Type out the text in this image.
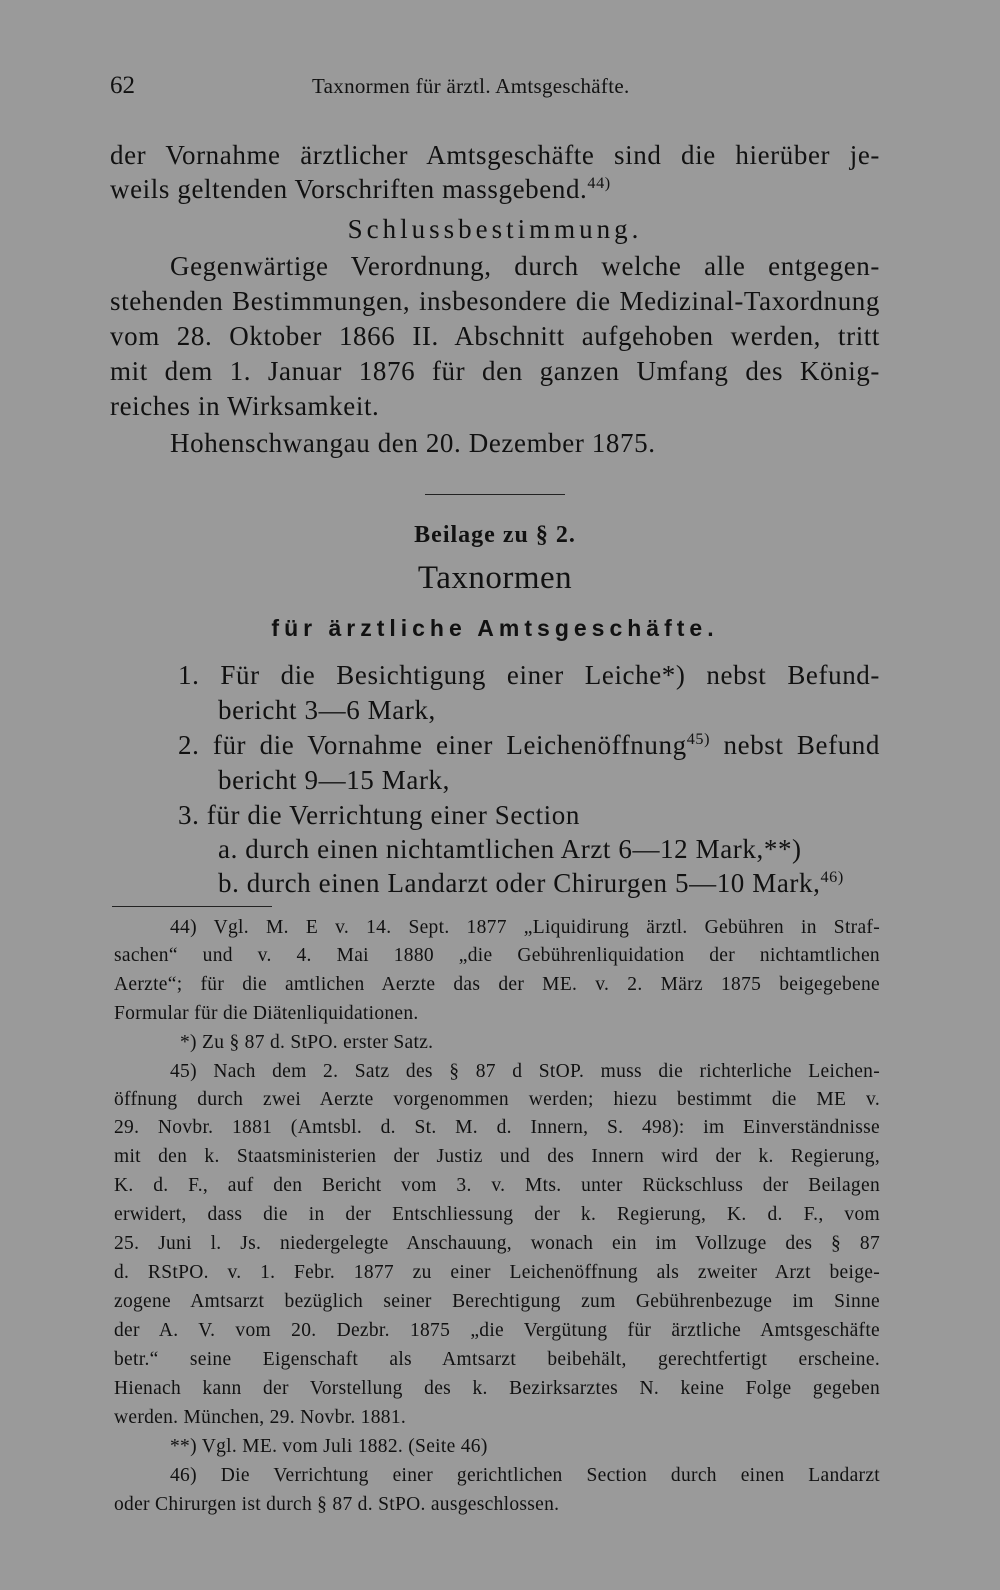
62	Taxnormen für ärztl. Amtsgeschäfte.
der Vornahme ärztlicher Amtsgeschäfte sind die hierüber je-
weils geltenden Vorschriften massgebend.$^{44)}$
Schlussbestimmung.
Gegenwärtige Verordnung, durch welche alle entgegen-
stehenden Bestimmungen, insbesondere die Medizinal-Taxordnung
vom 28. Oktober 1866 II. Abschnitt aufgehoben werden, tritt
mit dem 1. Januar 1876 für den ganzen Umfang des König-
reiches in Wirksamkeit.
Hohenschwangau den 20. Dezember 1875.
Beilage zu § 2.
Taxnormen
für ärztliche Amtsgeschäfte.
1. Für die Besichtigung einer Leiche*) nebst Befund-
bericht 3—6 Mark,
2. für die Vornahme einer Leichenöffnung$^{45)}$ nebst Befund
bericht 9—15 Mark,
3. für die Verrichtung einer Section
a. durch einen nichtamtlichen Arzt 6—12 Mark,**)
b. durch einen Landarzt oder Chirurgen 5—10 Mark,$^{46)}$
44) Vgl. M. E v. 14. Sept. 1877 „Liquidirung ärztl. Gebühren in Straf-
sachen“ und v. 4. Mai 1880 „die Gebührenliquidation der nichtamtlichen
Aerzte“; für die amtlichen Aerzte das der ME. v. 2. März 1875 beigegebene
Formular für die Diätenliquidationen.
*) Zu § 87 d. StPO. erster Satz.
45) Nach dem 2. Satz des § 87 d StOP. muss die richterliche Leichen-
öffnung durch zwei Aerzte vorgenommen werden; hiezu bestimmt die ME v.
29. Novbr. 1881 (Amtsbl. d. St. M. d. Innern, S. 498): im Einverständnisse
mit den k. Staatsministerien der Justiz und des Innern wird der k. Regierung,
K. d. F., auf den Bericht vom 3. v. Mts. unter Rückschluss der Beilagen
erwidert, dass die in der Entschliessung der k. Regierung, K. d. F., vom
25. Juni l. Js. niedergelegte Anschauung, wonach ein im Vollzuge des § 87
d. RStPO. v. 1. Febr. 1877 zu einer Leichenöffnung als zweiter Arzt beige-
zogene Amtsarzt bezüglich seiner Berechtigung zum Gebührenbezuge im Sinne
der A. V. vom 20. Dezbr. 1875 „die Vergütung für ärztliche Amtsgeschäfte
betr.“ seine Eigenschaft als Amtsarzt beibehält, gerechtfertigt erscheine.
Hienach kann der Vorstellung des k. Bezirksarztes N. keine Folge gegeben
werden. München, 29. Novbr. 1881.
**) Vgl. ME. vom Juli 1882. (Seite 46)
46) Die Verrichtung einer gerichtlichen Section durch einen Landarzt
oder Chirurgen ist durch § 87 d. StPO. ausgeschlossen.
